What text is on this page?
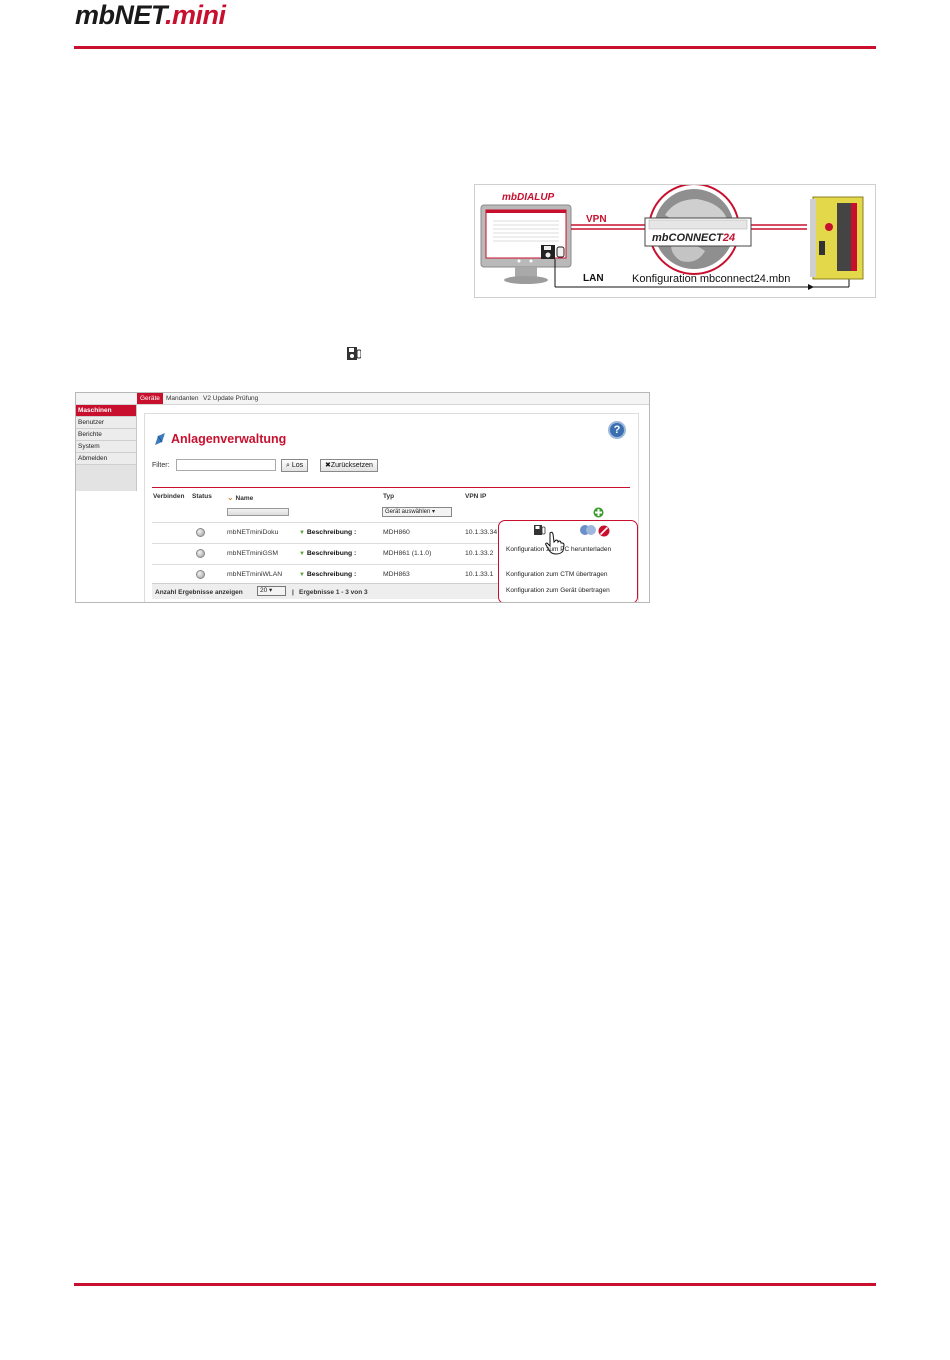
mbNET.mini
mbDIALUP
VPN
mbCONNECT24
LAN	Konfiguration mbconnect24.mbn
Geräte Mandanten V2 Update Prüfung
Maschinen
Benutzer
Berichte
System
Abmelden
Anlagenverwaltung
?
Filter:	⌕ Los	✖Zurücksetzen
Verbinden Status ⌄ Name	Typ	VPN IP
Gerät auswählen ▾
mbNETminiDoku	▼ Beschreibung :	MDH860	10.1.33.34
mbNETminiGSM	▼ Beschreibung :	MDH861 (1.1.0)	10.1.33.2
mbNETminiWLAN	▼ Beschreibung :	MDH863	10.1.33.1
Anzahl Ergebnisse anzeigen	20 ▾	| Ergebnisse 1 - 3 von 3
Konfiguration zum PC herunterladen
Konfiguration zum CTM übertragen
Konfiguration zum Gerät übertragen
